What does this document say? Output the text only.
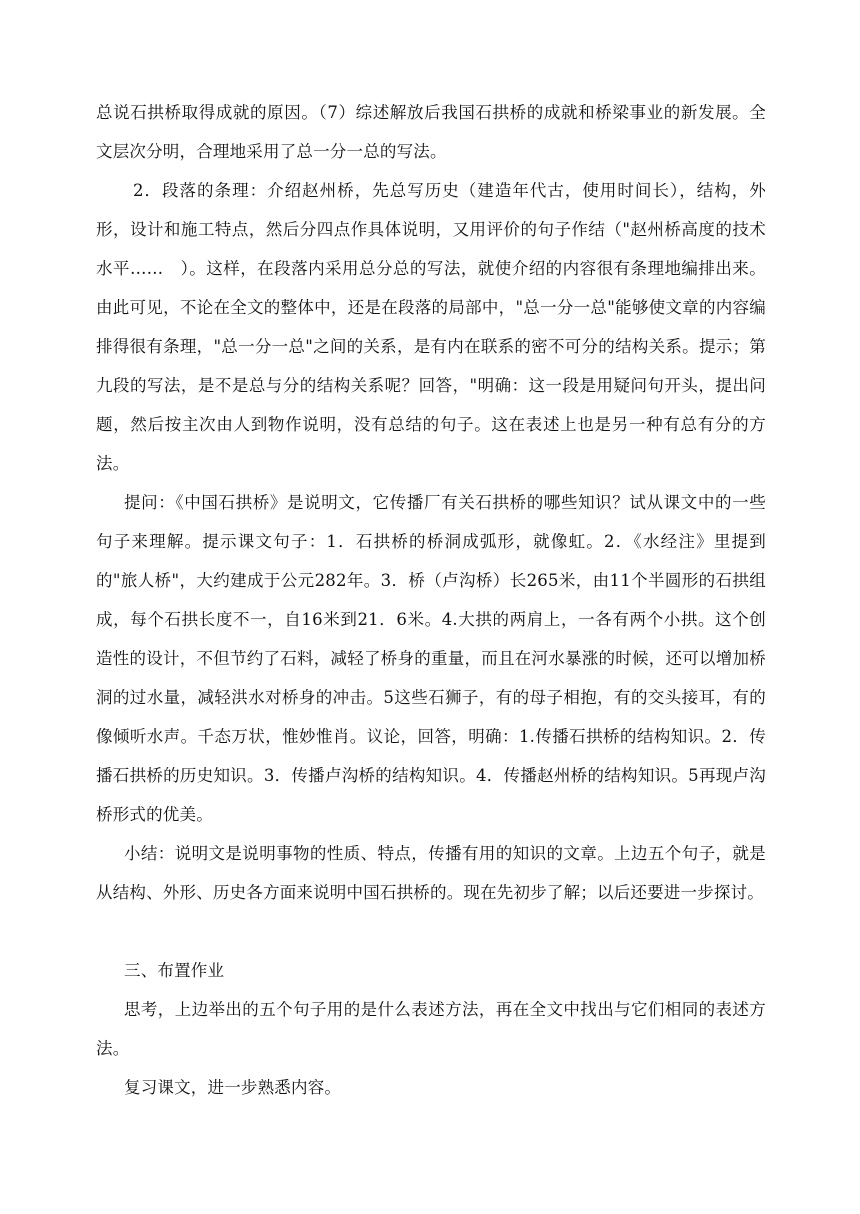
总说石拱桥取得成就的原因。（7）综述解放后我国石拱桥的成就和桥梁事业的新发展。全文层次分明，合理地采用了总一分一总的写法。

2．段落的条理：介绍赵州桥，先总写历史（建造年代古，使用时间长），结构，外形，设计和施工特点，然后分四点作具体说明，又用评价的句子作结（"赵州桥高度的技术水平……　）。这样，在段落内采用总分总的写法，就使介绍的内容很有条理地编排出来。由此可见，不论在全文的整体中，还是在段落的局部中，"总一分一总"能够使文章的内容编排得很有条理，"总一分一总"之间的关系，是有内在联系的密不可分的结构关系。提示；第九段的写法，是不是总与分的结构关系呢？回答，"明确：这一段是用疑问句开头，提出问题，然后按主次由人到物作说明，没有总结的句子。这在表述上也是另一种有总有分的方法。

提问：《中国石拱桥》是说明文，它传播厂有关石拱桥的哪些知识？试从课文中的一些句子来理解。提示课文句子：1．石拱桥的桥洞成弧形，就像虹。2．《水经注》里提到的"旅人桥"，大约建成于公元282年。3．桥（卢沟桥）长265米，由11个半圆形的石拱组成，每个石拱长度不一，自16米到21．6米。4.大拱的两肩上，一各有两个小拱。这个创造性的设计，不但节约了石料，减轻了桥身的重量，而且在河水暴涨的时候，还可以增加桥洞的过水量，减轻洪水对桥身的冲击。5这些石狮子，有的母子相抱，有的交头接耳，有的像倾听水声。千态万状，惟妙惟肖。议论，回答，明确：1.传播石拱桥的结构知识。2．传播石拱桥的历史知识。3．传播卢沟桥的结构知识。4．传播赵州桥的结构知识。5再现卢沟桥形式的优美。

小结：说明文是说明事物的性质、特点，传播有用的知识的文章。上边五个句子，就是从结构、外形、历史各方面来说明中国石拱桥的。现在先初步了解；以后还要进一步探讨。

三、布置作业

思考，上边举出的五个句子用的是什么表述方法，再在全文中找出与它们相同的表述方法。

复习课文，进一步熟悉内容。
